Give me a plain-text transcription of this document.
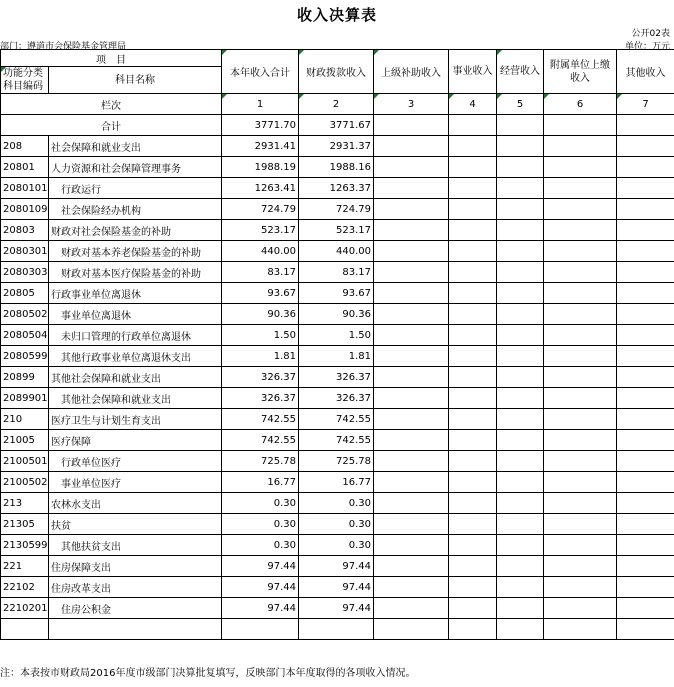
收入决算表
公开02表
部门：遵道市会保险基金管理局	单位：万元
项　目		本年收入合计	财政拨款收入	上级补助收入	事业收入	经营收入	附属单位上缴收入	其他收入
功能分类
科目编码	科目名称							
栏次		1	2	3	4	5	6	7
合计		3771.70	3771.67					
208	社会保障和就业支出	2931.41	2931.37					
20801	人力资源和社会保障管理事务	1988.19	1988.16					
2080101	行政运行	1263.41	1263.37					
2080109	社会保险经办机构	724.79	724.79					
20803	财政对社会保险基金的补助	523.17	523.17					
2080301	财政对基本养老保险基金的补助	440.00	440.00					
2080303	财政对基本医疗保险基金的补助	83.17	83.17					
20805	行政事业单位离退休	93.67	93.67					
2080502	事业单位离退休	90.36	90.36					
2080504	未归口管理的行政单位离退休	1.50	1.50					
2080599	其他行政事业单位离退休支出	1.81	1.81					
20899	其他社会保障和就业支出	326.37	326.37					
2089901	其他社会保障和就业支出	326.37	326.37					
210	医疗卫生与计划生育支出	742.55	742.55					
21005	医疗保障	742.55	742.55					
2100501	行政单位医疗	725.78	725.78					
2100502	事业单位医疗	16.77	16.77					
213	农林水支出	0.30	0.30					
21305	扶贫	0.30	0.30					
2130599	其他扶贫支出	0.30	0.30					
221	住房保障支出	97.44	97.44					
22102	住房改革支出	97.44	97.44					
2210201	住房公积金	97.44	97.44					

注：本表按市财政局2016年度市级部门决算批复填写，反映部门本年度取得的各项收入情况。
